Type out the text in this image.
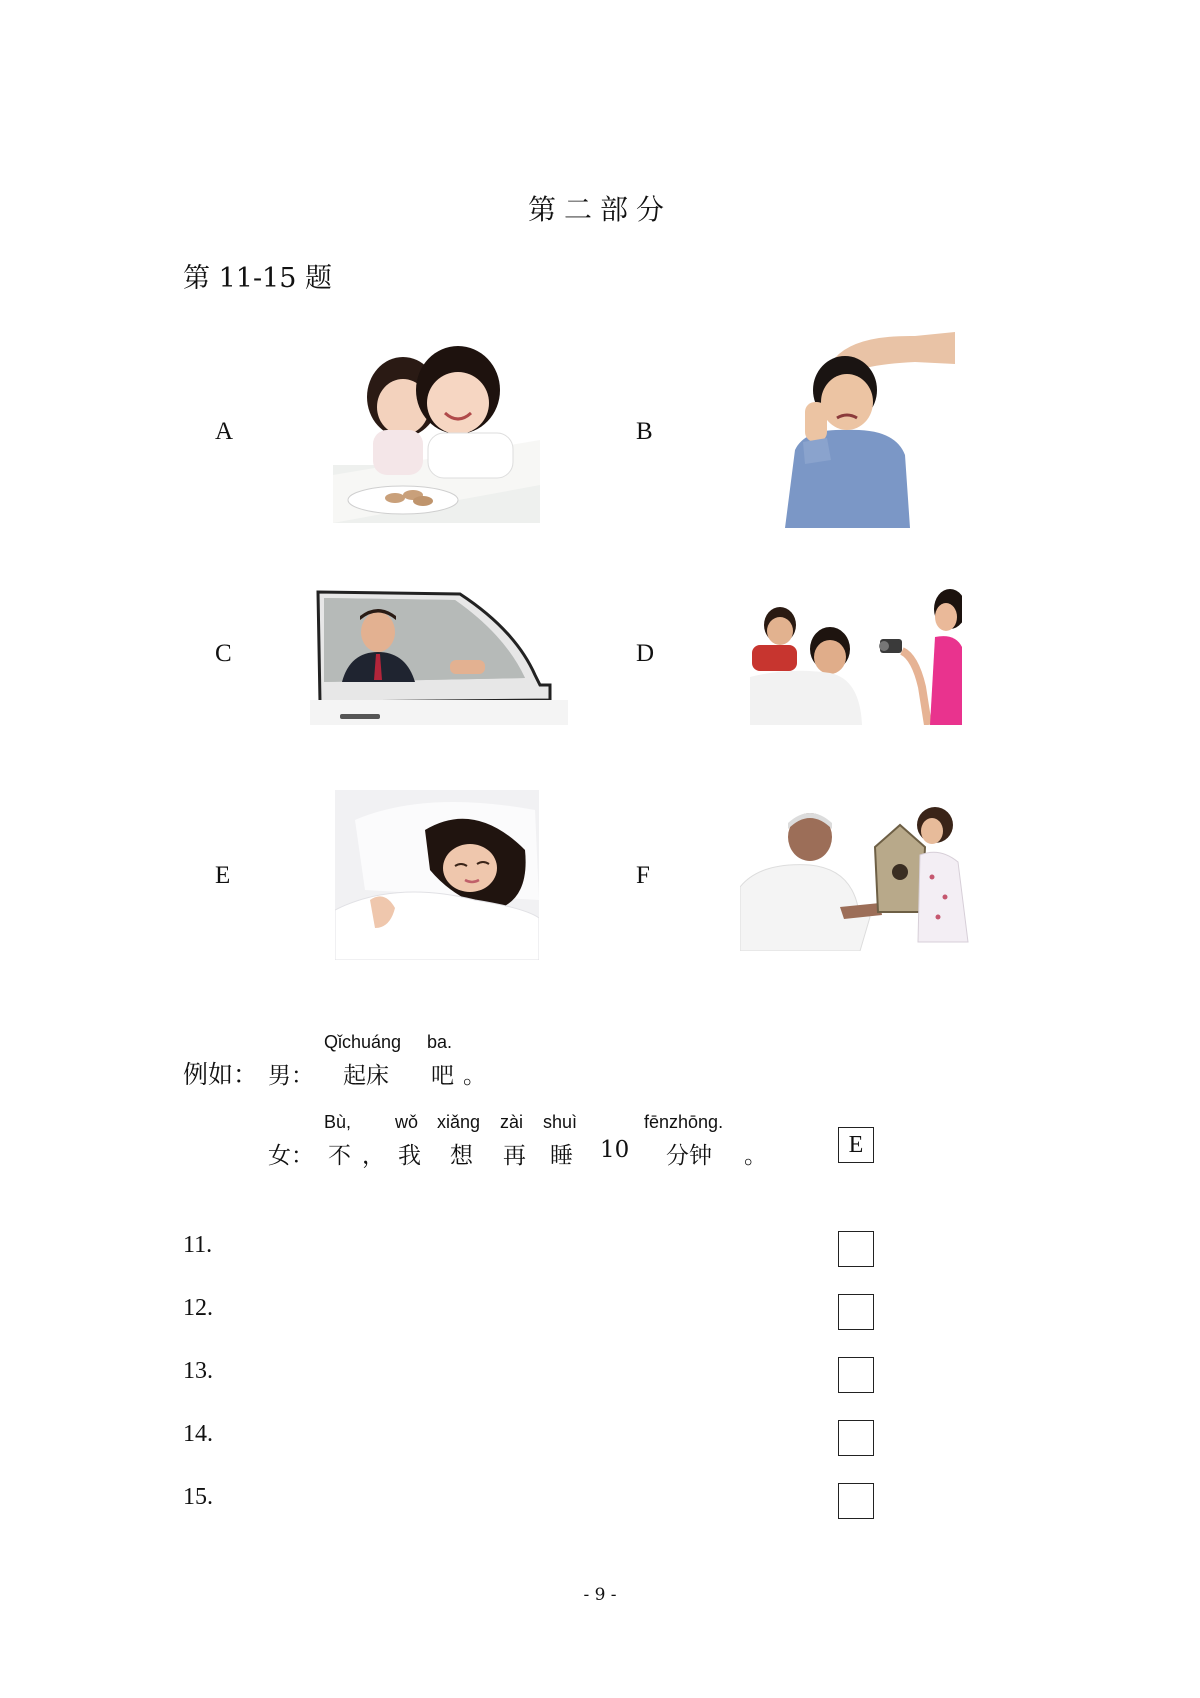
第二部分
第 11-15 题
A	B
C	D
E	F
例如： 男：
Qǐchuáng ba.
起床 吧 。
女：
Bù, wǒ xiǎng zài shuì	fēnzhōng.
不 ， 我 想 再 睡 10 分钟 。	E
11.
12.
13.
14.
15.
- 9 -
